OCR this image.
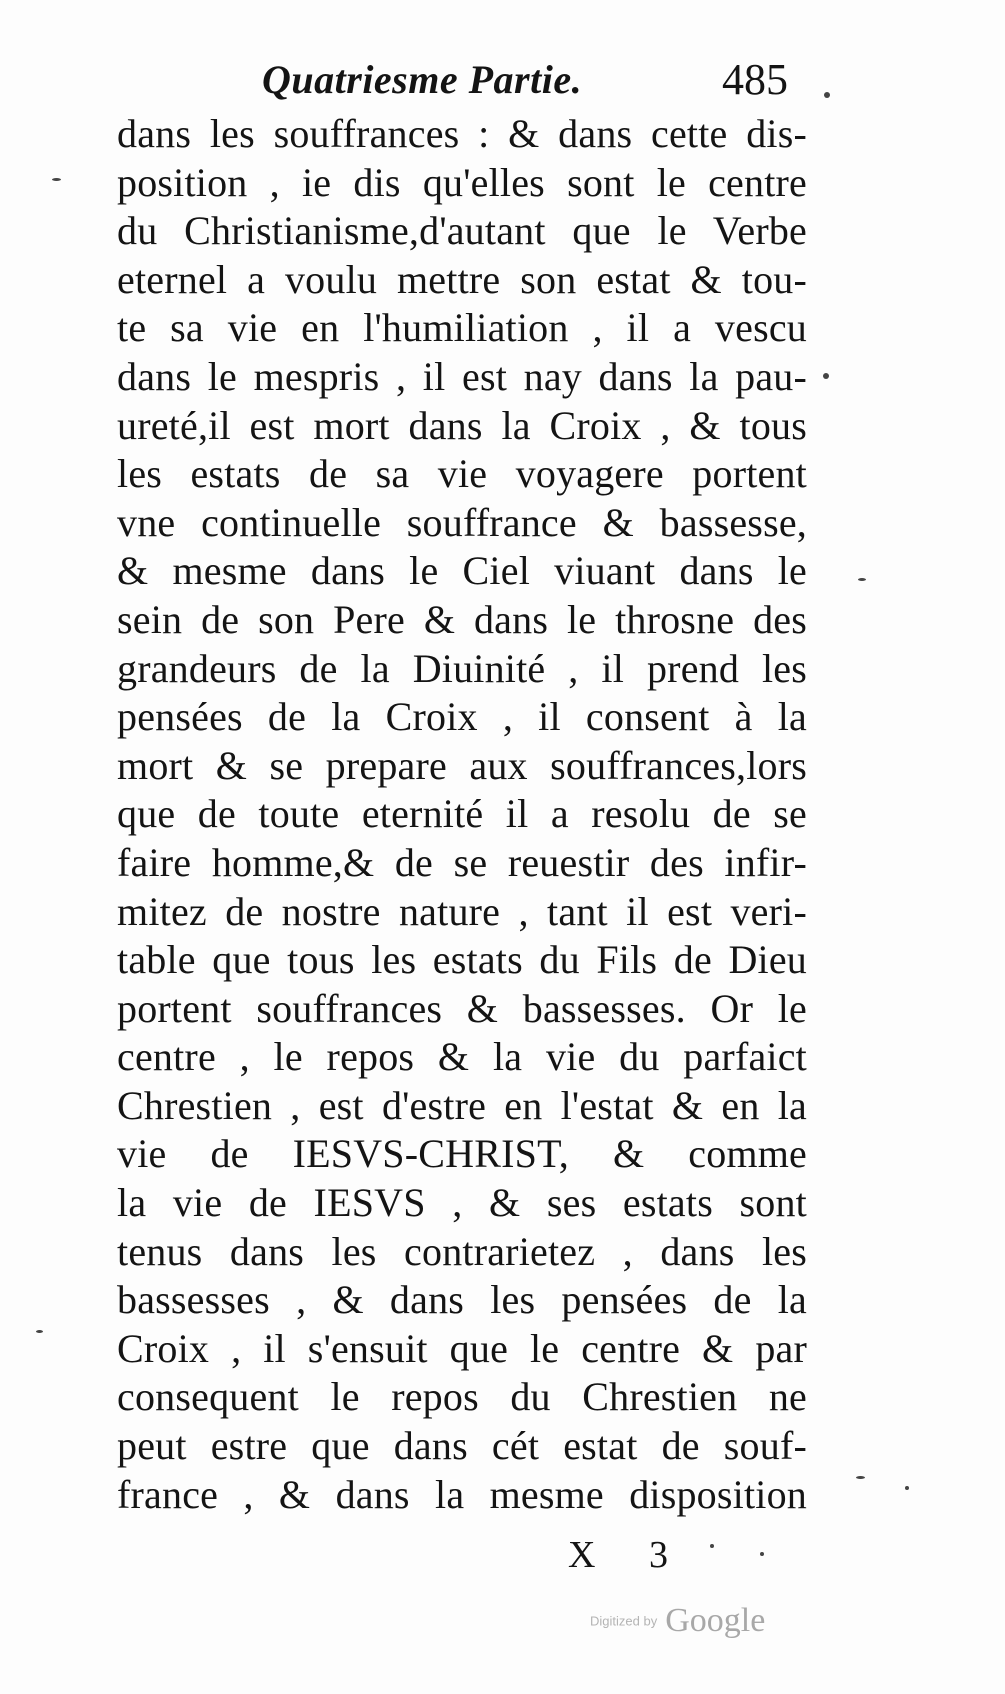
Quatriesme Partie.	485
dans les souffrances : & dans cette dis-
position , ie dis qu'elles sont le centre
du Christianisme,d'autant que le Verbe
eternel a voulu mettre son estat & tou-
te sa vie en l'humiliation , il a vescu
dans le mespris , il est nay dans la pau-
ureté,il est mort dans la Croix , & tous
les estats de sa vie voyagere portent
vne continuelle souffrance & bassesse,
& mesme dans le Ciel viuant dans le
sein de son Pere & dans le throsne des
grandeurs de la Diuinité , il prend les
pensées de la Croix , il consent à la
mort & se prepare aux souffrances,lors
que de toute eternité il a resolu de se
faire homme,& de se reuestir des infir-
mitez de nostre nature , tant il est veri-
table que tous les estats du Fils de Dieu
portent souffrances & bassesses. Or le
centre , le repos & la vie du parfaict
Chrestien , est d'estre en l'estat & en la
vie de IESVS-CHRIST, & comme
la vie de IESVS , & ses estats sont
tenus dans les contrarietez , dans les
bassesses , & dans les pensées de la
Croix , il s'ensuit que le centre & par
consequent le repos du Chrestien ne
peut estre que dans cét estat de souf-
france , & dans la mesme disposition
X 3
Digitized by Google
